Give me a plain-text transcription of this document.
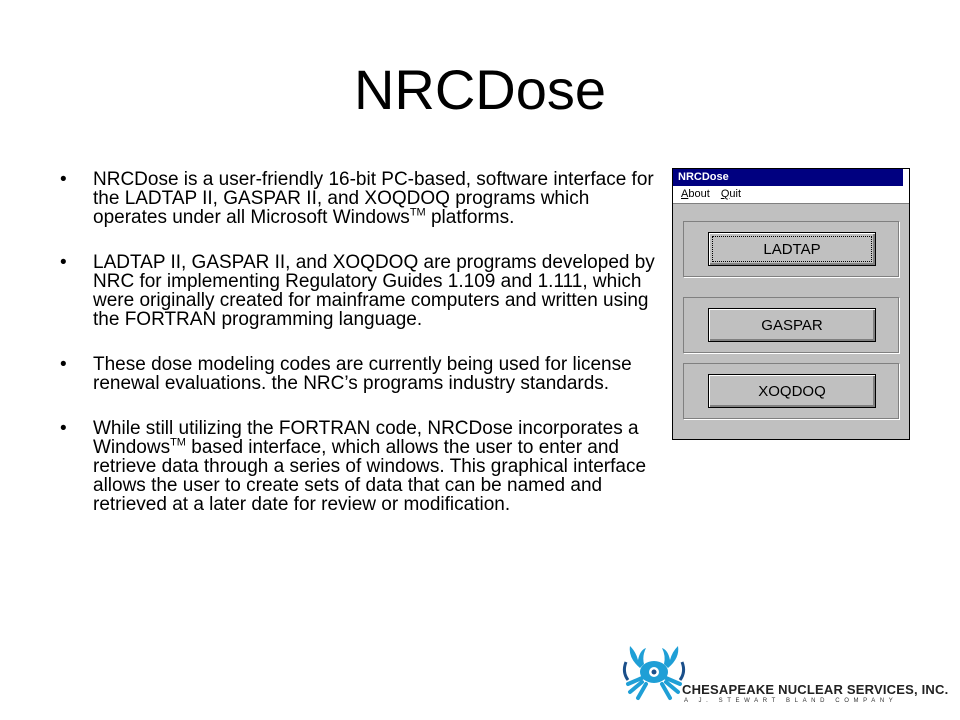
NRCDose
• NRCDose is a user-friendly 16-bit PC-based, software interface for the LADTAP II, GASPAR II, and XOQDOQ programs which operates under all Microsoft Windows™ platforms.
• LADTAP II, GASPAR II, and XOQDOQ are programs developed by NRC for implementing Regulatory Guides 1.109 and 1.111, which were originally created for mainframe computers and written using the FORTRAN programming language.
• These dose modeling codes are currently being used for license renewal evaluations. the NRC’s programs industry standards.
• While still utilizing the FORTRAN code, NRCDose incorporates a Windows™ based interface, which allows the user to enter and retrieve data through a series of windows. This graphical interface allows the user to create sets of data that can be named and retrieved at a later date for review or modification.
NRCDose
About Quit
LADTAP
GASPAR
XOQDOQ
CHESAPEAKE NUCLEAR SERVICES, INC.
A J. STEWART BLAND COMPANY
